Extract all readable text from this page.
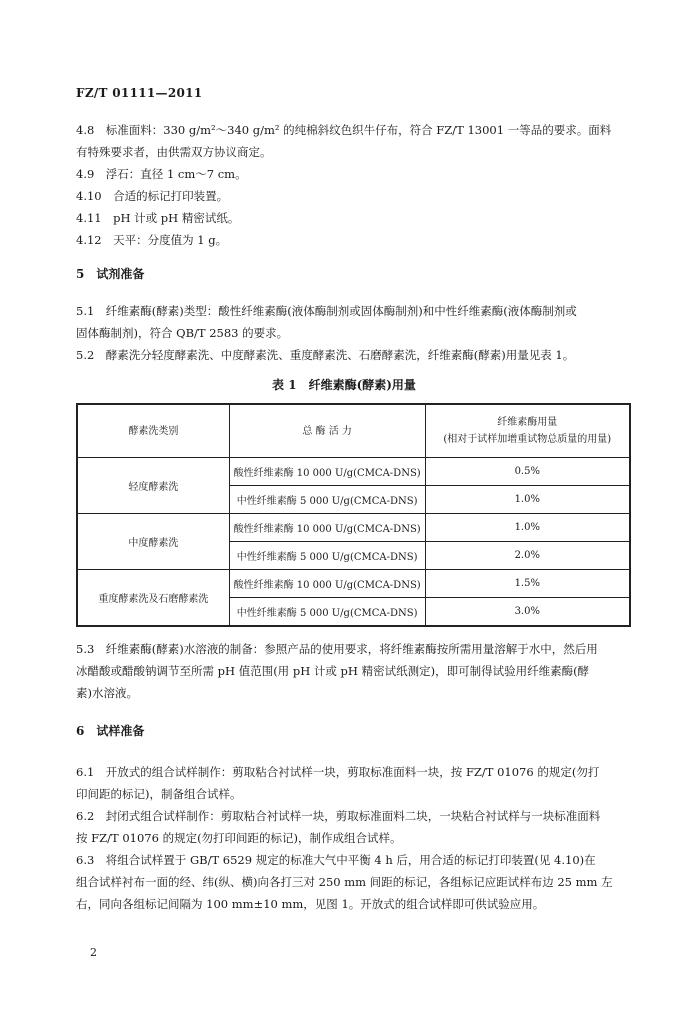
FZ/T 01111—2011
4.8　标准面料：330 g/m²～340 g/m² 的纯棉斜纹色织牛仔布，符合 FZ/T 13001 一等品的要求。面料
有特殊要求者，由供需双方协议商定。
4.9　浮石：直径 1 cm～7 cm。
4.10　合适的标记打印装置。
4.11　pH 计或 pH 精密试纸。
4.12　天平：分度值为 1 g。
5　试剂准备
5.1　纤维素酶(酵素)类型：酸性纤维素酶(液体酶制剂或固体酶制剂)和中性纤维素酶(液体酶制剂或
固体酶制剂)，符合 QB/T 2583 的要求。
5.2　酵素洗分轻度酵素洗、中度酵素洗、重度酵素洗、石磨酵素洗，纤维素酶(酵素)用量见表 1。
表 1　纤维素酶(酵素)用量
酵素洗类别	总 酶 活 力	纤维素酶用量
(相对于试样加增重试物总质量的用量)

轻度酵素洗	酸性纤维素酶 10 000 U/g(CMCA-DNS)	0.5%
	中性纤维素酶 5 000 U/g(CMCA-DNS)	1.0%
中度酵素洗	酸性纤维素酶 10 000 U/g(CMCA-DNS)	1.0%
	中性纤维素酶 5 000 U/g(CMCA-DNS)	2.0%
重度酵素洗及石磨酵素洗	酸性纤维素酶 10 000 U/g(CMCA-DNS)	1.5%
	中性纤维素酶 5 000 U/g(CMCA-DNS)	3.0%
5.3　纤维素酶(酵素)水溶液的制备：参照产品的使用要求，将纤维素酶按所需用量溶解于水中，然后用
冰醋酸或醋酸钠调节至所需 pH 值范围(用 pH 计或 pH 精密试纸测定)，即可制得试验用纤维素酶(酵
素)水溶液。
6　试样准备
6.1　开放式的组合试样制作：剪取粘合衬试样一块，剪取标准面料一块，按 FZ/T 01076 的规定(勿打
印间距的标记)，制备组合试样。
6.2　封闭式组合试样制作：剪取粘合衬试样一块，剪取标准面料二块，一块粘合衬试样与一块标准面料
按 FZ/T 01076 的规定(勿打印间距的标记)，制作成组合试样。
6.3　将组合试样置于 GB/T 6529 规定的标准大气中平衡 4 h 后，用合适的标记打印装置(见 4.10)在
组合试样衬布一面的经、纬(纵、横)向各打三对 250 mm 间距的标记，各组标记应距试样布边 25 mm 左
右，同向各组标记间隔为 100 mm±10 mm，见图 1。开放式的组合试样即可供试验应用。
2
